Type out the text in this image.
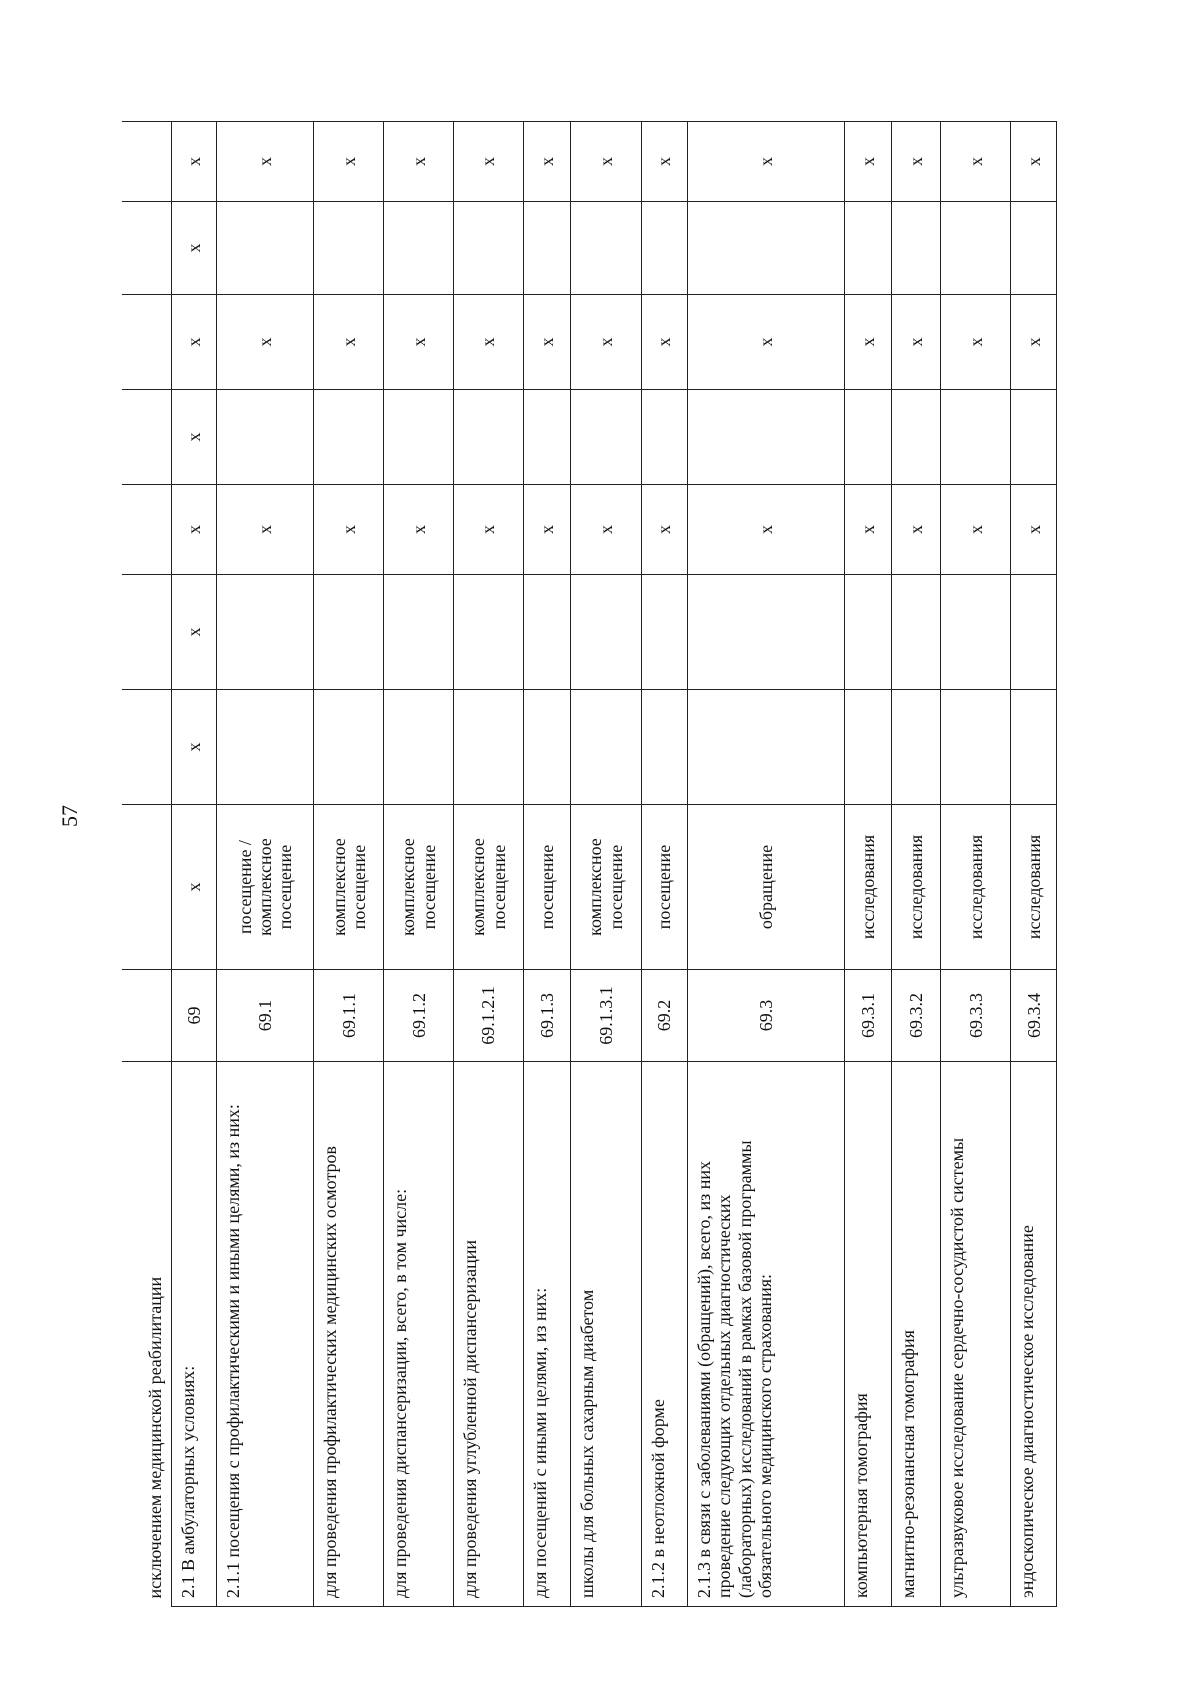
57
исключением медицинской реабилитации									
2.1 В амбулаторных условиях:	69	х	х	х	х	х	х	х	х
2.1.1 посещения с профилактическими и иными целями, из них:	69.1	посещение / комплексное посещение			х		х		х
для проведения профилактических медицинских осмотров	69.1.1	комплексное посещение			х		х		х
для проведения диспансеризации, всего, в том числе:	69.1.2	комплексное посещение			х		х		х
для проведения углубленной диспансеризации	69.1.2.1	комплексное посещение			х		х		х
для посещений с иными целями, из них:	69.1.3	посещение			х		х		х
школы для больных сахарным диабетом	69.1.3.1	комплексное посещение			х		х		х
2.1.2 в неотложной форме	69.2	посещение			х		х		х
2.1.3 в связи с заболеваниями (обращений), всего, из них проведение следующих отдельных диагностических (лабораторных) исследований в рамках базовой программы обязательного медицинского страхования:	69.3	обращение			х		х		х
компьютерная томография	69.3.1	исследования			х		х		х
магнитно-резонансная томография	69.3.2	исследования			х		х		х
ультразвуковое исследование сердечно-сосудистой системы	69.3.3	исследования			х		х		х
эндоскопическое диагностическое исследование	69.3.4	исследования			х		х		х
